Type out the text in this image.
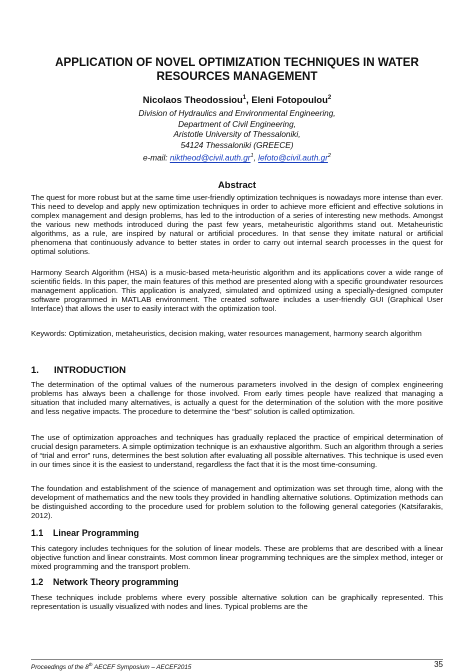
APPLICATION OF NOVEL OPTIMIZATION TECHNIQUES IN WATER
RESOURCES MANAGEMENT
Nicolaos Theodossiou$^1$, Eleni Fotopoulou$^2$
Division of Hydraulics and Environmental Engineering,
Department of Civil Engineering,
Aristotle University of Thessaloniki,
54124 Thessaloniki (GREECE)
e-mail: $nikthеod@civil.auth.gr^1$, $lefoto@civil.auth.gr^2$
Abstract
The quest for more robust but at the same time user-friendly optimization techniques is nowadays more intense than ever. This need to develop and apply new optimization techniques in order to achieve more efficient and effective solutions in complex management and design problems, has led to the introduction of a series of interesting new methods. Amongst the various new methods introduced during the past few years, metaheuristic algorithms stand out. Metaheuristic algorithms, as a rule, are inspired by natural or artificial procedures. In that sense they imitate natural or artificial phenomena that continuously advance to better states in order to carry out internal search processes in the quest for optimal solutions.
Harmony Search Algorithm (HSA) is a music-based meta-heuristic algorithm and its applications cover a wide range of scientific fields. In this paper, the main features of this method are presented along with a specific groundwater resources management application. This application is analyzed, simulated and optimized using a specially-designed computer software programmed in MATLAB environment. The created software includes a user-friendly GUI (Graphical User Interface) that allows the user to easily interact with the optimization tool.
Keywords: Optimization, metaheuristics, decision making, water resources management, harmony search algorithm
1. INTRODUCTION
The determination of the optimal values of the numerous parameters involved in the design of complex engineering problems has always been a challenge for those involved. From early times people have realized that managing a situation that included many alternatives, is actually a quest for the determination of the solution with the more positive and less negative impacts. The procedure to determine the “best” solution is called optimization.
The use of optimization approaches and techniques has gradually replaced the practice of empirical determination of crucial design parameters. A simple optimization technique is an exhaustive algorithm. Such an algorithm through a series of “trial and error” runs, determines the best solution after evaluating all possible alternatives. This technique is used even in our times since it is the easiest to understand, regardless the fact that it is the most time-consuming.
The foundation and establishment of the science of management and optimization was set through time, along with the development of mathematics and the new tools they provided in handling alternative solutions. Optimization methods can be distinguished according to the procedure used for problem solution to the following general categories (Katsifarakis, 2012).
1.1 Linear Programming
This category includes techniques for the solution of linear models. These are problems that are described with a linear objective function and linear constraints. Most common linear programming techniques are the simplex method, integer or mixed programming and the transport problem.
1.2 Network Theory programming
These techniques include problems where every possible alternative solution can be graphically represented. This representation is usually visualized with nodes and lines. Typical problems are the
Proceedings of the 8th AECEF Symposium – AECEF2015	35
